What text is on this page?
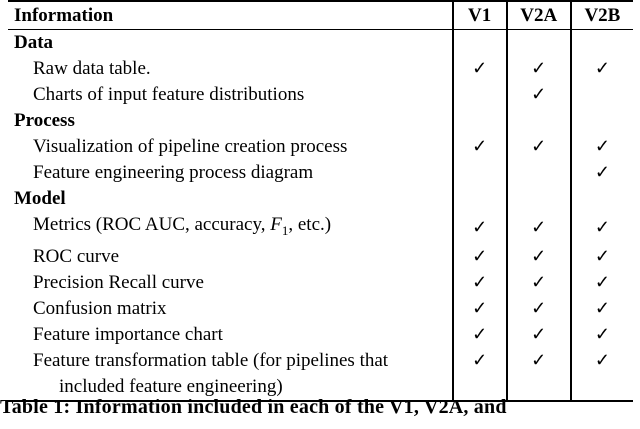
Information	V1	V2A	V2B
Data			
Raw data table.	✓	✓	✓
Charts of input feature distributions		✓	
Process			
Visualization of pipeline creation process	✓	✓	✓
Feature engineering process diagram			✓
Model			
Metrics (ROC AUC, accuracy, $F_1$, etc.)	✓	✓	✓
ROC curve	✓	✓	✓
Precision Recall curve	✓	✓	✓
Confusion matrix	✓	✓	✓
Feature importance chart	✓	✓	✓

Feature transformation table (for pipelines that
included feature engineering)	✓	✓	✓
Table 1: Information included in each of the V1, V2A, and
